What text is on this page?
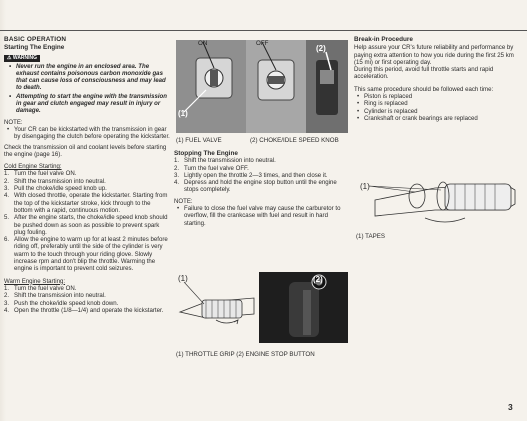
BASIC OPERATION
Starting The Engine
⚠ WARNING
• Never run the engine in an enclosed area. The exhaust contains poisonous carbon monoxide gas that can cause loss of consciousness and may lead to death.
• Attempting to start the engine with the transmission in gear and clutch engaged may result in injury or damage.
NOTE:
• Your CR can be kickstarted with the transmission in gear by disengaging the clutch before operating the kickstarter.

Check the transmission oil and coolant levels before starting the engine (page 16).

Cold Engine Starting:
1. Turn the fuel valve ON.
2. Shift the transmission into neutral.
3. Pull the choke/idle speed knob up.
4. With closed throttle, operate the kickstarter. Starting from the top of the kickstarter stroke, kick through to the bottom with a rapid, continuous motion.
5. After the engine starts, the choke/idle speed knob should be pushed down as soon as possible to prevent spark plug fouling.
6. Allow the engine to warm up for at least 2 minutes before riding off, preferably until the side of the cylinder is very warm to the touch through your riding glove. Slowly increase rpm and don't blip the throttle. Warming the engine is important to prevent cold seizures.
Warm Engine Starting:
1. Turn the fuel valve ON.
2. Shift the transmission into neutral.
3. Push the choke/idle speed knob down.
4. Open the throttle (1/8—1/4) and operate the kickstarter.
ON	OFF
(1)
(2)
(1) FUEL VALVE	(2) CHOKE/IDLE SPEED KNOB
Stopping The Engine
1. Shift the transmission into neutral.
2. Turn the fuel valve OFF.
3. Lightly open the throttle 2—3 times, and then close it.
4. Depress and hold the engine stop button until the engine stops completely.
NOTE:
• Failure to close the fuel valve may cause the carburetor to overflow, fill the crankcase with fuel and result in hard starting.
(1)	(2)
(1) THROTTLE GRIP (2) ENGINE STOP BUTTON
Break-in Procedure

Help assure your CR's future reliability and performance by paying extra attention to how you ride during the first 25 km (15 mi) or first operating day.

During this period, avoid full throttle starts and rapid acceleration.

This same procedure should be followed each time:

• Piston is replaced
• Ring is replaced
• Cylinder is replaced
• Crankshaft or crank bearings are replaced
(1)
(1) TAPES
3
